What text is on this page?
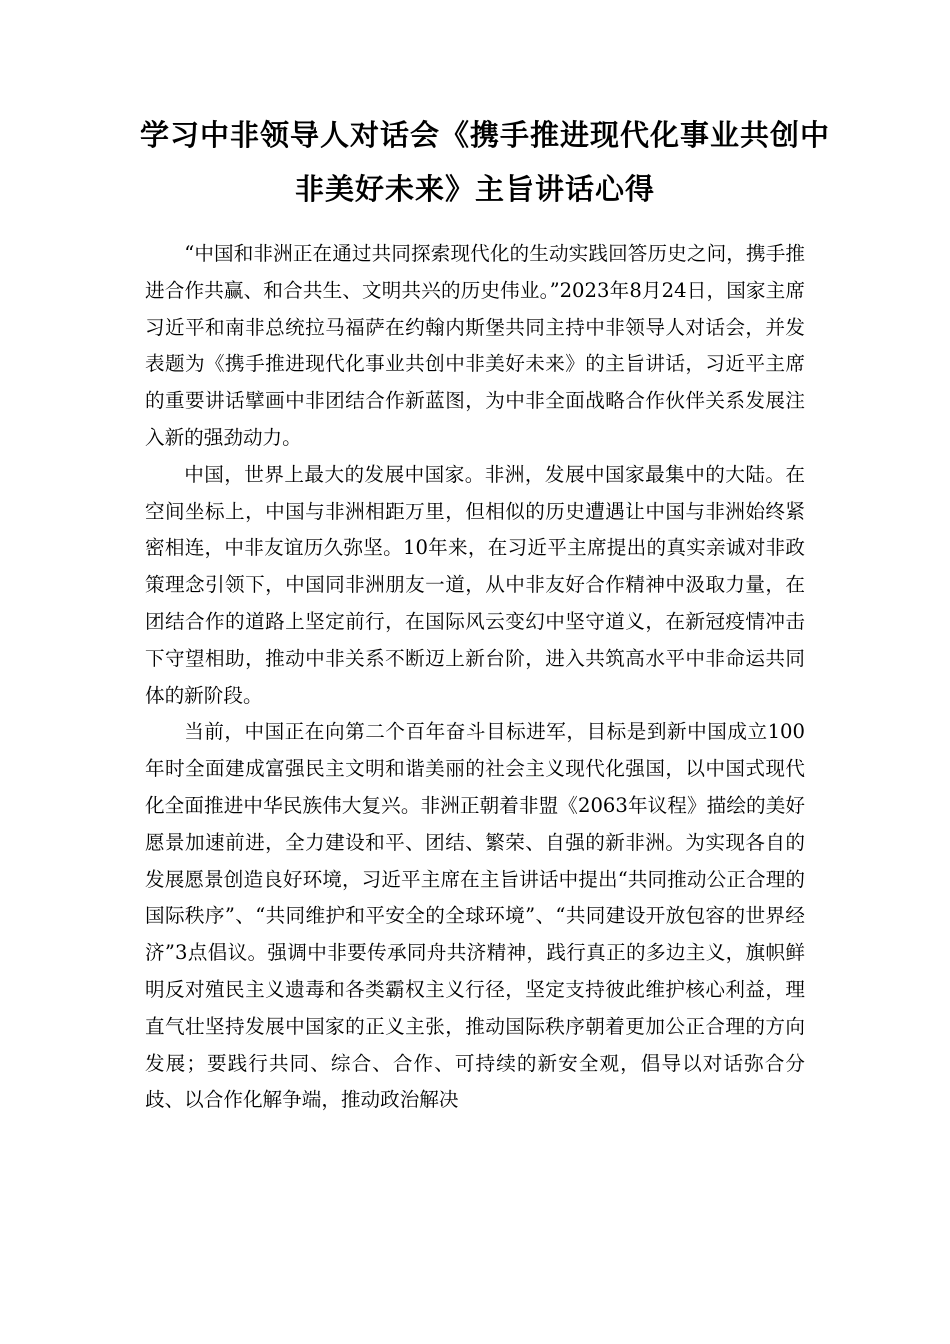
学习中非领导人对话会《携手推进现代化事业共创中
非美好未来》主旨讲话心得

“中国和非洲正在通过共同探索现代化的生动实践回答历史之问，携手推进合作共赢、和合共生、文明共兴的历史伟业。”2023年8月24日，国家主席习近平和南非总统拉马福萨在约翰内斯堡共同主持中非领导人对话会，并发表题为《携手推进现代化事业共创中非美好未来》的主旨讲话，习近平主席的重要讲话擘画中非团结合作新蓝图，为中非全面战略合作伙伴关系发展注入新的强劲动力。

中国，世界上最大的发展中国家。非洲，发展中国家最集中的大陆。在空间坐标上，中国与非洲相距万里，但相似的历史遭遇让中国与非洲始终紧密相连，中非友谊历久弥坚。10年来，在习近平主席提出的真实亲诚对非政策理念引领下，中国同非洲朋友一道，从中非友好合作精神中汲取力量，在团结合作的道路上坚定前行，在国际风云变幻中坚守道义，在新冠疫情冲击下守望相助，推动中非关系不断迈上新台阶，进入共筑高水平中非命运共同体的新阶段。

当前，中国正在向第二个百年奋斗目标进军，目标是到新中国成立100年时全面建成富强民主文明和谐美丽的社会主义现代化强国，以中国式现代化全面推进中华民族伟大复兴。非洲正朝着非盟《2063年议程》描绘的美好愿景加速前进，全力建设和平、团结、繁荣、自强的新非洲。为实现各自的发展愿景创造良好环境，习近平主席在主旨讲话中提出“共同推动公正合理的国际秩序”、“共同维护和平安全的全球环境”、“共同建设开放包容的世界经济”3点倡议。强调中非要传承同舟共济精神，践行真正的多边主义，旗帜鲜明反对殖民主义遗毒和各类霸权主义行径，坚定支持彼此维护核心利益，理直气壮坚持发展中国家的正义主张，推动国际秩序朝着更加公正合理的方向发展；要践行共同、综合、合作、可持续的新安全观，倡导以对话弥合分歧、以合作化解争端，推动政治解决
